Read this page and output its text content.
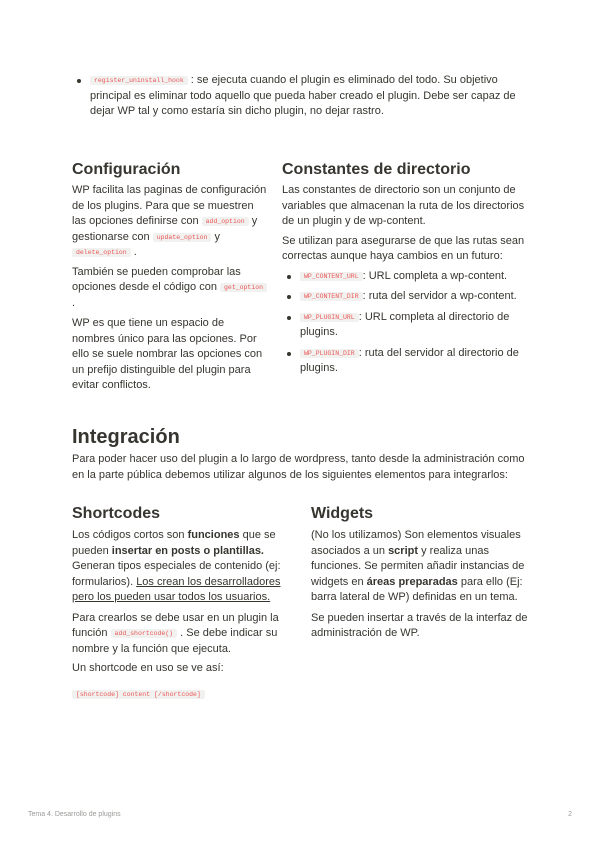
register_uninstall_hook : se ejecuta cuando el plugin es eliminado del todo. Su objetivo principal es eliminar todo aquello que pueda haber creado el plugin. Debe ser capaz de dejar WP tal y como estaría sin dicho plugin, no dejar rastro.
Configuración

WP facilita las paginas de configuración de los plugins. Para que se muestren las opciones definirse con add_option y gestionarse con update_option y delete_option .

También se pueden comprobar las opciones desde el código con get_option .

WP es que tiene un espacio de nombres único para las opciones. Por ello se suele nombrar las opciones con un prefijo distinguible del plugin para evitar conflictos.

Constantes de directorio

Las constantes de directorio son un conjunto de variables que almacenan la ruta de los directorios de un plugin y de wp-content.

Se utilizan para asegurarse de que las rutas sean correctas aunque haya cambios en un futuro:

WP_CONTENT_URL : URL completa a wp-content.
WP_CONTENT_DIR : ruta del servidor a wp-content.
WP_PLUGIN_URL : URL completa al directorio de plugins.
WP_PLUGIN_DIR : ruta del servidor al directorio de plugins.
Integración

Para poder hacer uso del plugin a lo largo de wordpress, tanto desde la administración como en la parte pública debemos utilizar algunos de los siguientes elementos para integrarlos:

Shortcodes

Los códigos cortos son funciones que se pueden insertar en posts o plantillas. Generan tipos especiales de contenido (ej: formularios). Los crean los desarrolladores pero los pueden usar todos los usuarios.

Para crearlos se debe usar en un plugin la función add_shortcode() . Se debe indicar su nombre y la función que ejecuta.

Un shortcode en uso se ve así:

[shortcode] content [/shortcode]

Widgets

(No los utilizamos) Son elementos visuales asociados a un script y realiza unas funciones. Se permiten añadir instancias de widgets en áreas preparadas para ello (Ej: barra lateral de WP) definidas en un tema.

Se pueden insertar a través de la interfaz de administración de WP.

Tema 4. Desarrollo de plugins	2
